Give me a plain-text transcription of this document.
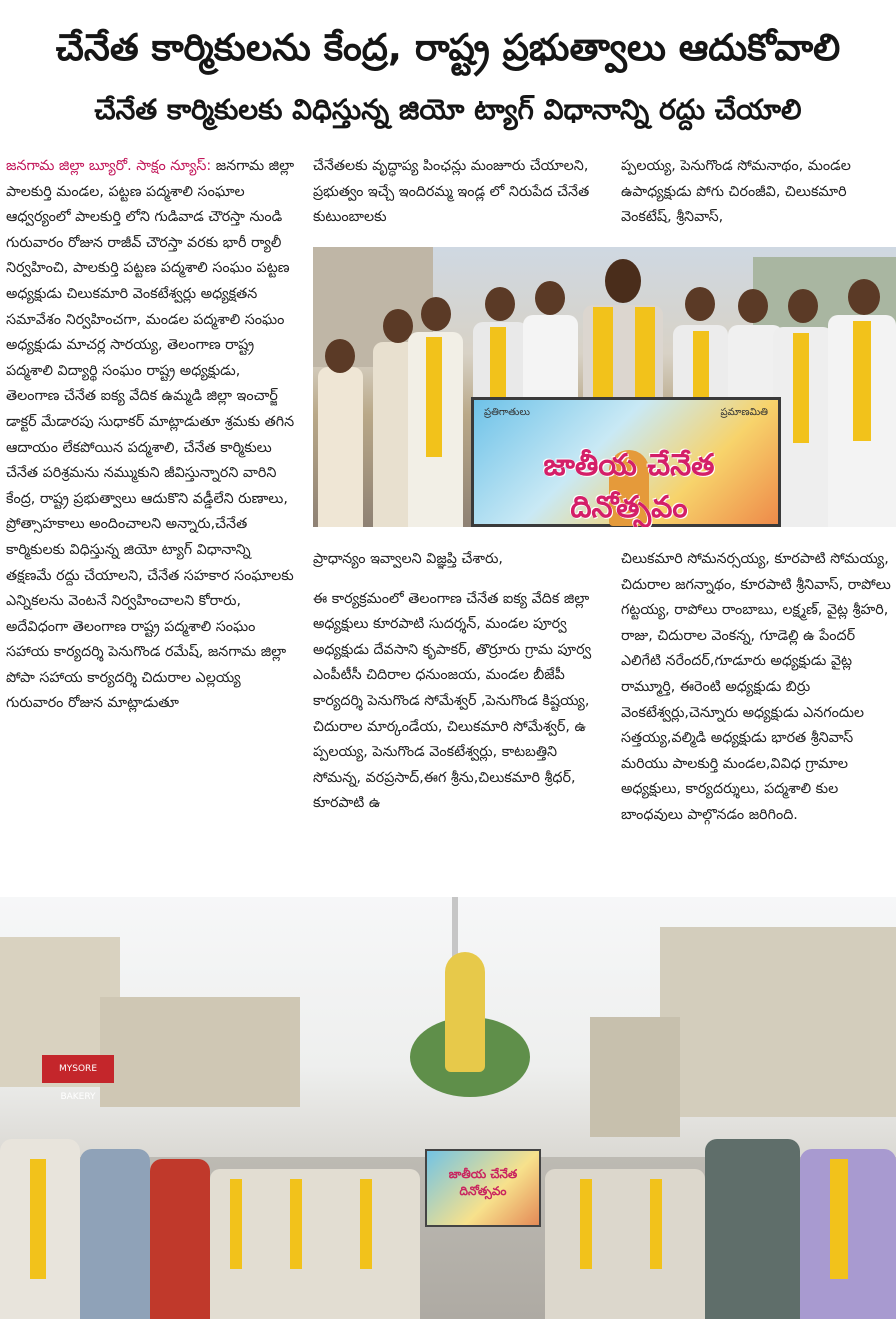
చేనేత కార్మికులను కేంద్ర, రాష్ట్ర ప్రభుత్వాలు ఆదుకోవాలి
చేనేత కార్మికులకు విధిస్తున్న జియో ట్యాగ్ విధానాన్ని రద్దు చేయాలి

జనగామ జిల్లా బ్యూరో. సాక్షం న్యూస్: జనగామ జిల్లా పాలకుర్తి మండల, పట్టణ పద్మశాలి సంఘాల ఆధ్వర్యంలో పాలకుర్తి లోని గుడివాడ చౌరస్తా నుండి గురువారం రోజున రాజీవ్ చౌరస్తా వరకు భారీ ర్యాలీ నిర్వహించి, పాలకుర్తి పట్టణ పద్మశాలి సంఘం పట్టణ అధ్యక్షుడు చిలుకమారి వెంకటేశ్వర్లు అధ్యక్షతన సమావేశం నిర్వహించగా, మండల పద్మశాలి సంఘం అధ్యక్షుడు మాచర్ల సారయ్య, తెలంగాణ రాష్ట్ర పద్మశాలి విద్యార్థి సంఘం రాష్ట్ర అధ్యక్షుడు, తెలంగాణ చేనేత ఐక్య వేదిక ఉమ్మడి జిల్లా ఇంచార్జ్ డాక్టర్ మేడారపు సుధాకర్ మాట్లాడుతూ శ్రమకు తగిన ఆదాయం లేకపోయిన పద్మశాలి, చేనేత కార్మికులు చేనేత పరిశ్రమను నమ్ముకుని జీవిస్తున్నారని వారిని కేంద్ర, రాష్ట్ర ప్రభుత్వాలు ఆదుకొని వడ్డీలేని రుణాలు, ప్రోత్సాహకాలు అందించాలని అన్నారు,చేనేత కార్మికులకు విధిస్తున్న జియో ట్యాగ్ విధానాన్ని తక్షణమే రద్దు చేయాలని, చేనేత సహకార సంఘాలకు ఎన్నికలను వెంటనే నిర్వహించాలని కోరారు, అదేవిధంగా తెలంగాణ రాష్ట్ర పద్మశాలి సంఘం సహాయ కార్యదర్శి పెనుగొండ రమేష్, జనగామ జిల్లా పోపా సహాయ కార్యదర్శి చిదురాల ఎల్లయ్య గురువారం రోజున మాట్లాడుతూ

చేనేతలకు వృద్ధాప్య పింఛన్లు మంజూరు చేయాలని, ప్రభుత్వం ఇచ్చే ఇందిరమ్మ ఇండ్ల లో నిరుపేద చేనేత కుటుంబాలకు

ప్పలయ్య, పెనుగొండ సోమనాథం, మండల ఉపాధ్యక్షుడు పోగు చిరంజీవి, చిలుకమారి వెంకటేష్, శ్రీనివాస్,

ప్రతిగాతులు	ప్రమాణమితి
జాతీయ చేనేత దినోత్సవం

ప్రాధాన్యం ఇవ్వాలని విజ్ఞప్తి చేశారు,

ఈ కార్యక్రమంలో తెలంగాణ చేనేత ఐక్య వేదిక జిల్లా అధ్యక్షులు కూరపాటి సుదర్శన్, మండల పూర్వ అధ్యక్షుడు దేవసాని కృపాకర్, తొర్రూరు గ్రామ పూర్వ ఎంపీటీసీ చిదిరాల ధనుంజయ, మండల బీజేపీ కార్యదర్శి పెనుగొండ సోమేశ్వర్ ,పెనుగొండ కిష్టయ్య, చిదురాల మార్కండేయ, చిలుకమారి సోమేశ్వర్, ఉ ప్పలయ్య, పెనుగొండ వెంకటేశ్వర్లు, కాటబత్తిని సోమన్న, వరప్రసాద్,ఈగ శ్రీను,చిలుకమారి శ్రీధర్, కూరపాటి ఉ

చిలుకమారి సోమనర్సయ్య, కూరపాటి సోమయ్య, చిదురాల జగన్నాథం, కూరపాటి శ్రీనివాస్, రాపోలు గట్టయ్య, రాపోలు రాంబాబు, లక్ష్మణ్, వైట్ల శ్రీహరి, రాజు, చిదురాల వెంకన్న, గూడెల్లి ఉ పేందర్ ఎలిగేటి నరేందర్,గూడూరు అధ్యక్షుడు వైట్ల రామ్మూర్తి, ఈరెంటి అధ్యక్షుడు బిర్రు వెంకటేశ్వర్లు,చెన్నూరు అధ్యక్షుడు ఎనగందుల సత్తయ్య,వల్మిడి అధ్యక్షుడు భారత శ్రీనివాస్ మరియు పాలకుర్తి మండల,వివిధ గ్రామాల అధ్యక్షులు, కార్యదర్శులు, పద్మశాలి కుల బాంధవులు పాల్గొనడం జరిగింది.

MYSORE BAKERY
జాతీయ చేనేత దినోత్సవం
